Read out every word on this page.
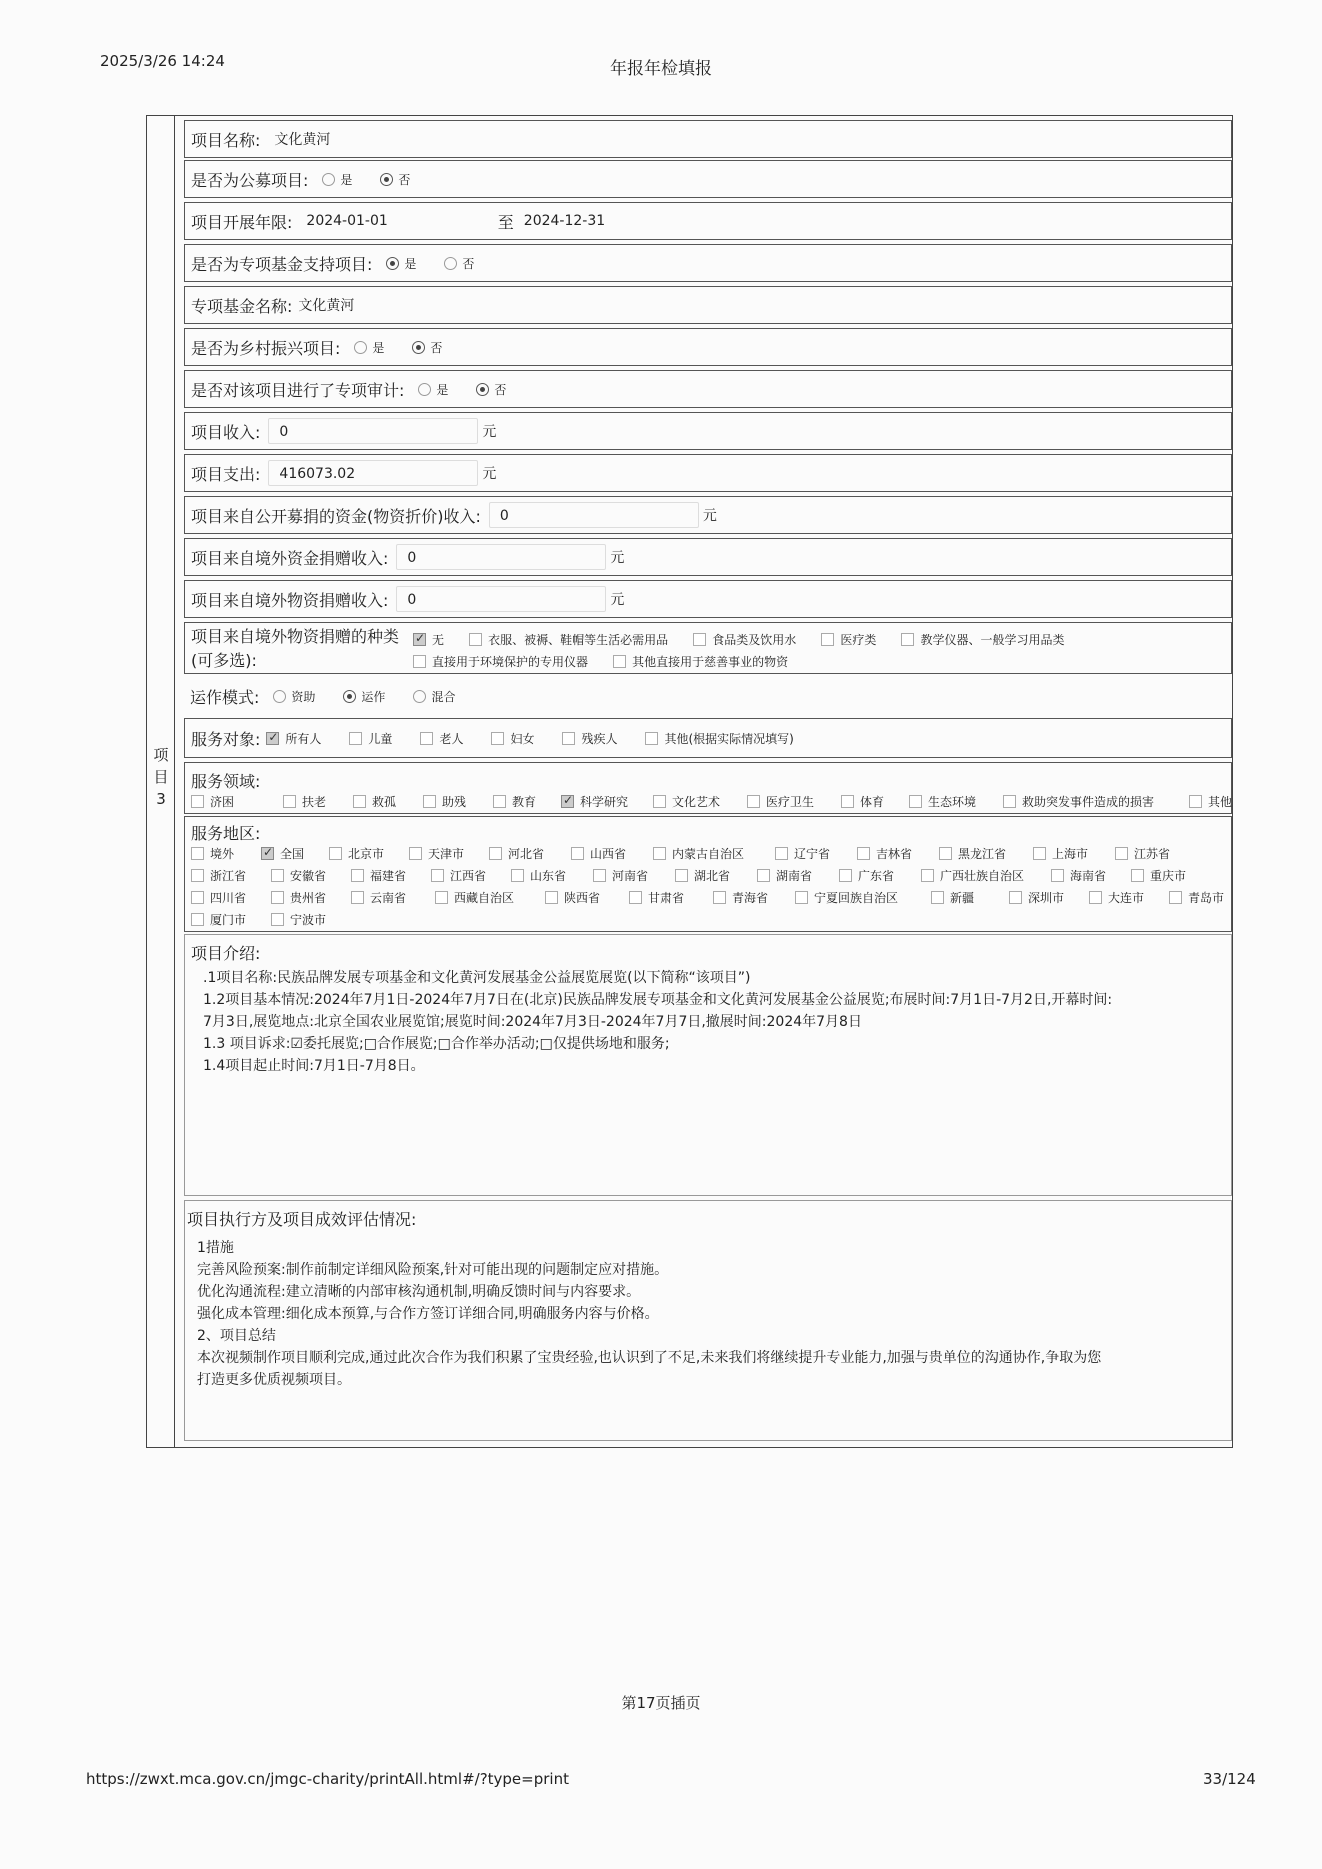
2025/3/26 14:24	年报年检填报
项
目
3
项目名称: 文化黄河
是否为公募项目:	是	否
项目开展年限: 2024-01-01	至 2024-12-31
是否为专项基金支持项目:	是	否
专项基金名称: 文化黄河
是否为乡村振兴项目:	是	否
是否对该项目进行了专项审计:	是	否
项目收入:	0	元
项目支出:	416073.02	元
项目来自公开募捐的资金(物资折价)收入:	0	元
项目来自境外资金捐赠收入:	0	元
项目来自境外物资捐赠收入:	0	元
项目来自境外物资捐赠的种类
(可多选):
✓无	衣服、被褥、鞋帽等生活必需用品	食品类及饮用水	医疗类	教学仪器、一般学习用品类
直接用于环境保护的专用仪器	其他直接用于慈善事业的物资
运作模式:	资助	运作	混合
服务对象: ✓ 所有人	儿童	老人	妇女	残疾人	其他(根据实际情况填写)
服务领域:
济困	扶老	救孤	助残	教育 ✓	科学研究	文化艺术	医疗卫生	体育	生态环境	救助突发事件造成的损害	其他
服务地区:
境外 ✓	全国	北京市	天津市	河北省	山西省	内蒙古自治区	辽宁省	吉林省	黑龙江省	上海市	江苏省
浙江省	安徽省	福建省	江西省	山东省	河南省	湖北省	湖南省	广东省	广西壮族自治区	海南省	重庆市
四川省	贵州省	云南省	西藏自治区	陕西省	甘肃省	青海省	宁夏回族自治区	新疆	深圳市	大连市	青岛市
厦门市	宁波市
项目介绍:
.1项目名称:民族品牌发展专项基金和文化黄河发展基金公益展览展览(以下简称“该项目”)
1.2项目基本情况:2024年7月1日-2024年7月7日在(北京)民族品牌发展专项基金和文化黄河发展基金公益展览;布展时间:7月1日-7月2日,开幕时间:
7月3日,展览地点:北京全国农业展览馆;展览时间:2024年7月3日-2024年7月7日,撤展时间:2024年7月8日
1.3 项目诉求:☑委托展览;□合作展览;□合作举办活动;□仅提供场地和服务;
1.4项目起止时间:7月1日-7月8日。
项目执行方及项目成效评估情况:
1措施
完善风险预案:制作前制定详细风险预案,针对可能出现的问题制定应对措施。
优化沟通流程:建立清晰的内部审核沟通机制,明确反馈时间与内容要求。
强化成本管理:细化成本预算,与合作方签订详细合同,明确服务内容与价格。
2、项目总结
本次视频制作项目顺利完成,通过此次合作为我们积累了宝贵经验,也认识到了不足,未来我们将继续提升专业能力,加强与贵单位的沟通协作,争取为您
打造更多优质视频项目。
第17页插页
https://zwxt.mca.gov.cn/jmgc-charity/printAll.html#/?type=print	33/124
